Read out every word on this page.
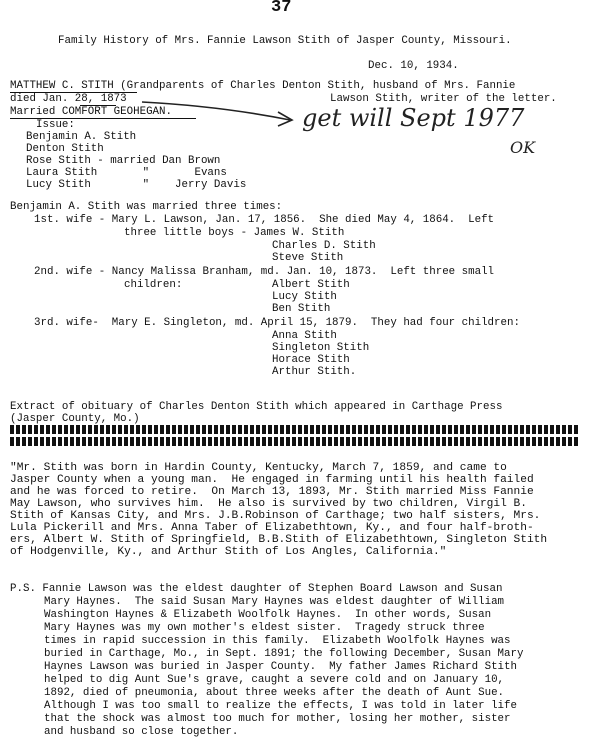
37
Family History of Mrs. Fannie Lawson Stith of Jasper County, Missouri.
Dec. 10, 1934.
MATTHEW C. STITH (Grandparents of Charles Denton Stith, husband of Mrs. Fannie
died Jan. 28, 1873	Lawson Stith, writer of the letter.
Married COMFORT GEOHEGAN.	get will Sept 1977
OK
Issue:
Benjamin A. Stith
Denton Stith
Rose Stith - married Dan Brown
Laura Stith       "       Evans
Lucy Stith        "    Jerry Davis
Benjamin A. Stith was married three times:
1st. wife - Mary L. Lawson, Jan. 17, 1856.  She died May 4, 1864.  Left
three little boys - James W. Stith
Charles D. Stith
Steve Stith
2nd. wife - Nancy Malissa Branham, md. Jan. 10, 1873.  Left three small
children:	Albert Stith
Lucy Stith
Ben Stith
3rd. wife-  Mary E. Singleton, md. April 15, 1879.  They had four children:
Anna Stith
Singleton Stith
Horace Stith
Arthur Stith.
Extract of obituary of Charles Denton Stith which appeared in Carthage Press
(Jasper County, Mo.)
"Mr. Stith was born in Hardin County, Kentucky, March 7, 1859, and came to
Jasper County when a young man.  He engaged in farming until his health failed
and he was forced to retire.  On March 13, 1893, Mr. Stith married Miss Fannie
May Lawson, who survives him.  He also is survived by two children, Virgil B.
Stith of Kansas City, and Mrs. J.B.Robinson of Carthage; two half sisters, Mrs.
Lula Pickerill and Mrs. Anna Taber of Elizabethtown, Ky., and four half-broth-
ers, Albert W. Stith of Springfield, B.B.Stith of Elizabethtown, Singleton Stith
of Hodgenville, Ky., and Arthur Stith of Los Angles, California."
P.S. Fannie Lawson was the eldest daughter of Stephen Board Lawson and Susan
Mary Haynes.  The said Susan Mary Haynes was eldest daughter of William
Washington Haynes & Elizabeth Woolfolk Haynes.  In other words, Susan
Mary Haynes was my own mother's eldest sister.  Tragedy struck three
times in rapid succession in this family.  Elizabeth Woolfolk Haynes was
buried in Carthage, Mo., in Sept. 1891; the following December, Susan Mary
Haynes Lawson was buried in Jasper County.  My father James Richard Stith
helped to dig Aunt Sue's grave, caught a severe cold and on January 10,
1892, died of pneumonia, about three weeks after the death of Aunt Sue.
Although I was too small to realize the effects, I was told in later life
that the shock was almost too much for mother, losing her mother, sister
and husband so close together.
